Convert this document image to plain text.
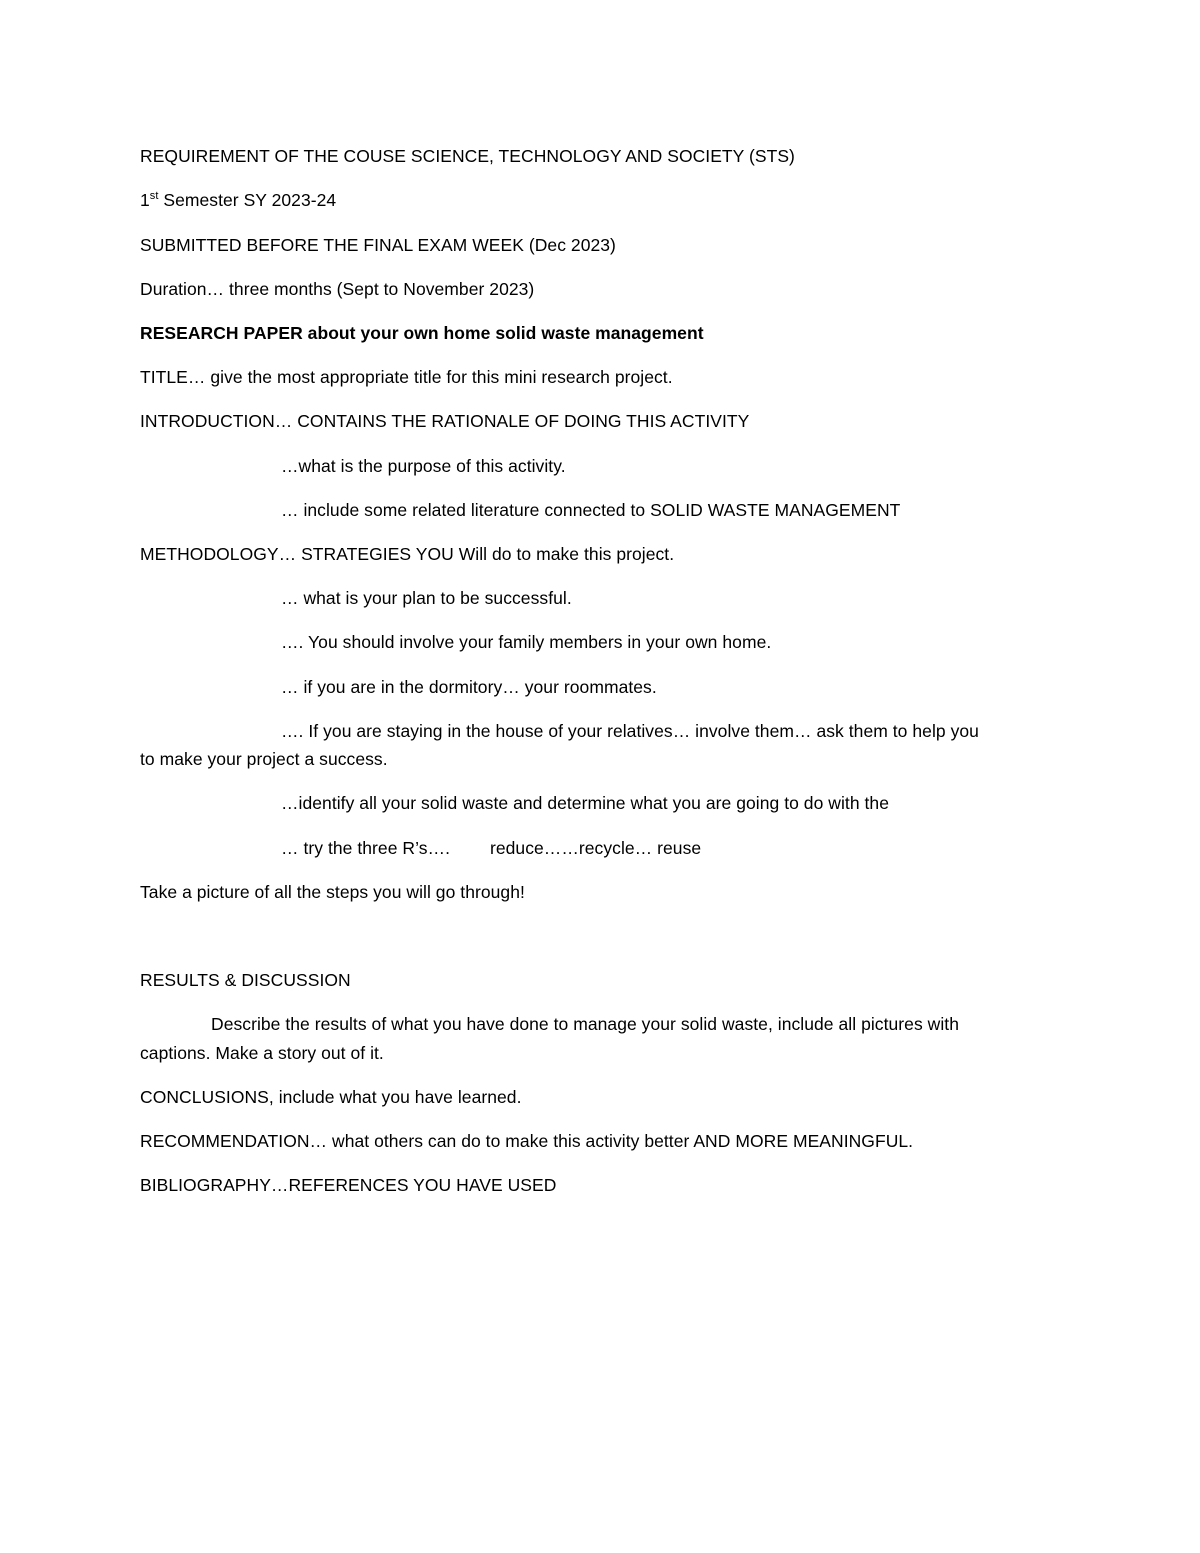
REQUIREMENT OF THE COUSE SCIENCE, TECHNOLOGY AND SOCIETY (STS)
1st Semester SY 2023-24
SUBMITTED BEFORE THE FINAL EXAM WEEK (Dec 2023)
Duration… three months (Sept to November 2023)
RESEARCH PAPER about your own home solid waste management
TITLE… give the most appropriate title for this mini research project.
INTRODUCTION… CONTAINS THE RATIONALE OF DOING THIS ACTIVITY
…what is the purpose of this activity.
… include some related literature connected to SOLID WASTE MANAGEMENT
METHODOLOGY… STRATEGIES YOU Will do to make this project.
… what is your plan to be successful.
…. You should involve your family members in your own home.
… if you are in the dormitory… your roommates.
…. If you are staying in the house of your relatives… involve them… ask them to help you
to make your project a success.
…identify all your solid waste and determine what you are going to do with the
… try the three R’s…. reduce……recycle… reuse
Take a picture of all the steps you will go through!
RESULTS & DISCUSSION
Describe the results of what you have done to manage your solid waste, include all pictures with
captions. Make a story out of it.
CONCLUSIONS, include what you have learned.
RECOMMENDATION… what others can do to make this activity better AND MORE MEANINGFUL.
BIBLIOGRAPHY…REFERENCES YOU HAVE USED
